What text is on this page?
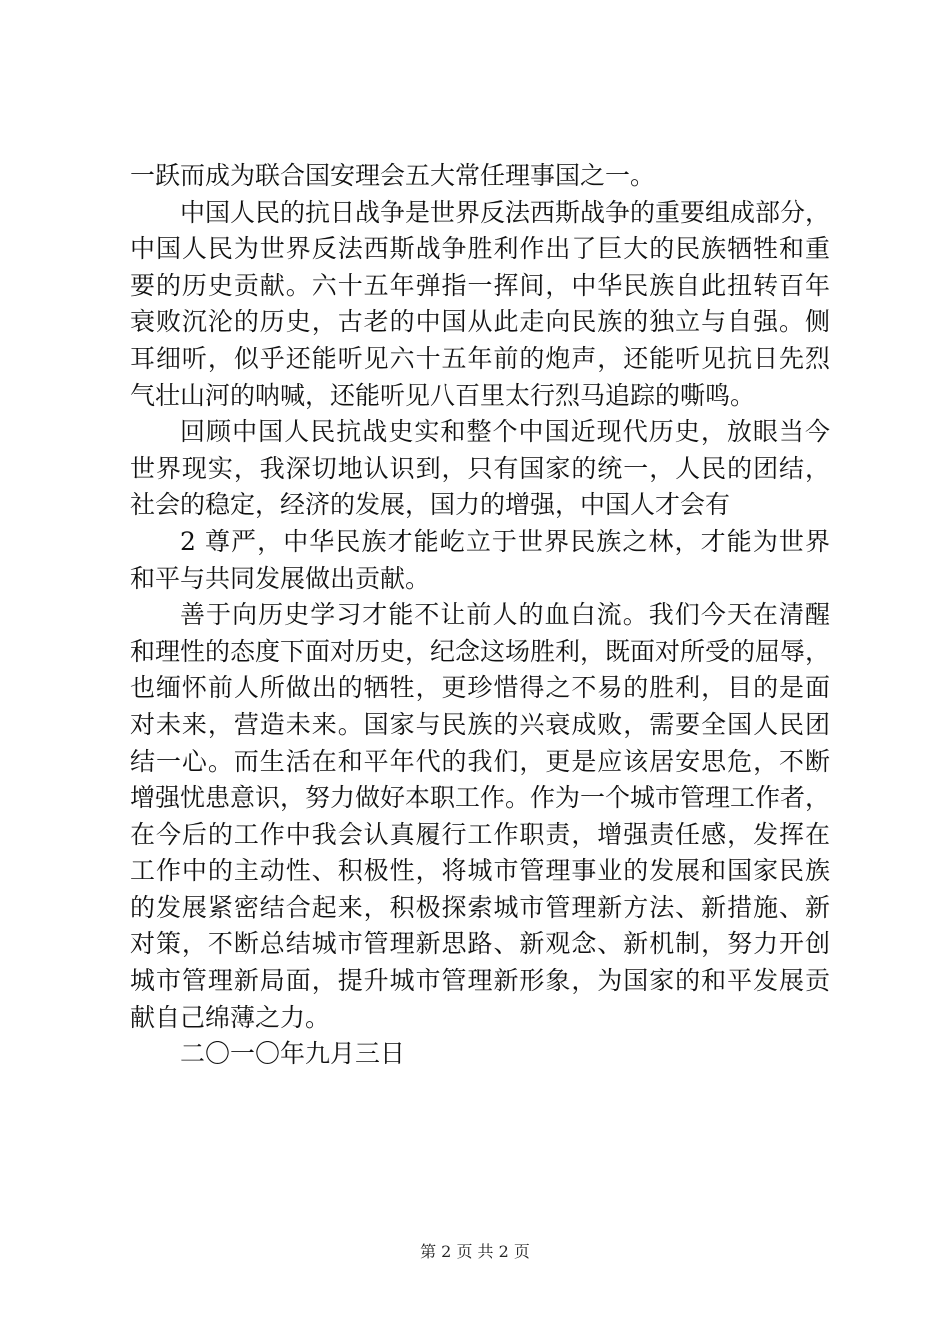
一跃而成为联合国安理会五大常任理事国之一。
中国人民的抗日战争是世界反法西斯战争的重要组成部分，
中国人民为世界反法西斯战争胜利作出了巨大的民族牺牲和重
要的历史贡献。六十五年弹指一挥间，中华民族自此扭转百年
衰败沉沦的历史，古老的中国从此走向民族的独立与自强。侧
耳细听，似乎还能听见六十五年前的炮声，还能听见抗日先烈
气壮山河的呐喊，还能听见八百里太行烈马追踪的嘶鸣。
回顾中国人民抗战史实和整个中国近现代历史，放眼当今
世界现实，我深切地认识到，只有国家的统一，人民的团结，
社会的稳定，经济的发展，国力的增强，中国人才会有
2 尊严，中华民族才能屹立于世界民族之林，才能为世界
和平与共同发展做出贡献。
善于向历史学习才能不让前人的血白流。我们今天在清醒
和理性的态度下面对历史，纪念这场胜利，既面对所受的屈辱，
也缅怀前人所做出的牺牲，更珍惜得之不易的胜利，目的是面
对未来，营造未来。国家与民族的兴衰成败，需要全国人民团
结一心。而生活在和平年代的我们，更是应该居安思危，不断
增强忧患意识，努力做好本职工作。作为一个城市管理工作者，
在今后的工作中我会认真履行工作职责，增强责任感，发挥在
工作中的主动性、积极性，将城市管理事业的发展和国家民族
的发展紧密结合起来，积极探索城市管理新方法、新措施、新
对策，不断总结城市管理新思路、新观念、新机制，努力开创
城市管理新局面，提升城市管理新形象，为国家的和平发展贡
献自己绵薄之力。
二〇一〇年九月三日
第 2 页 共 2 页
